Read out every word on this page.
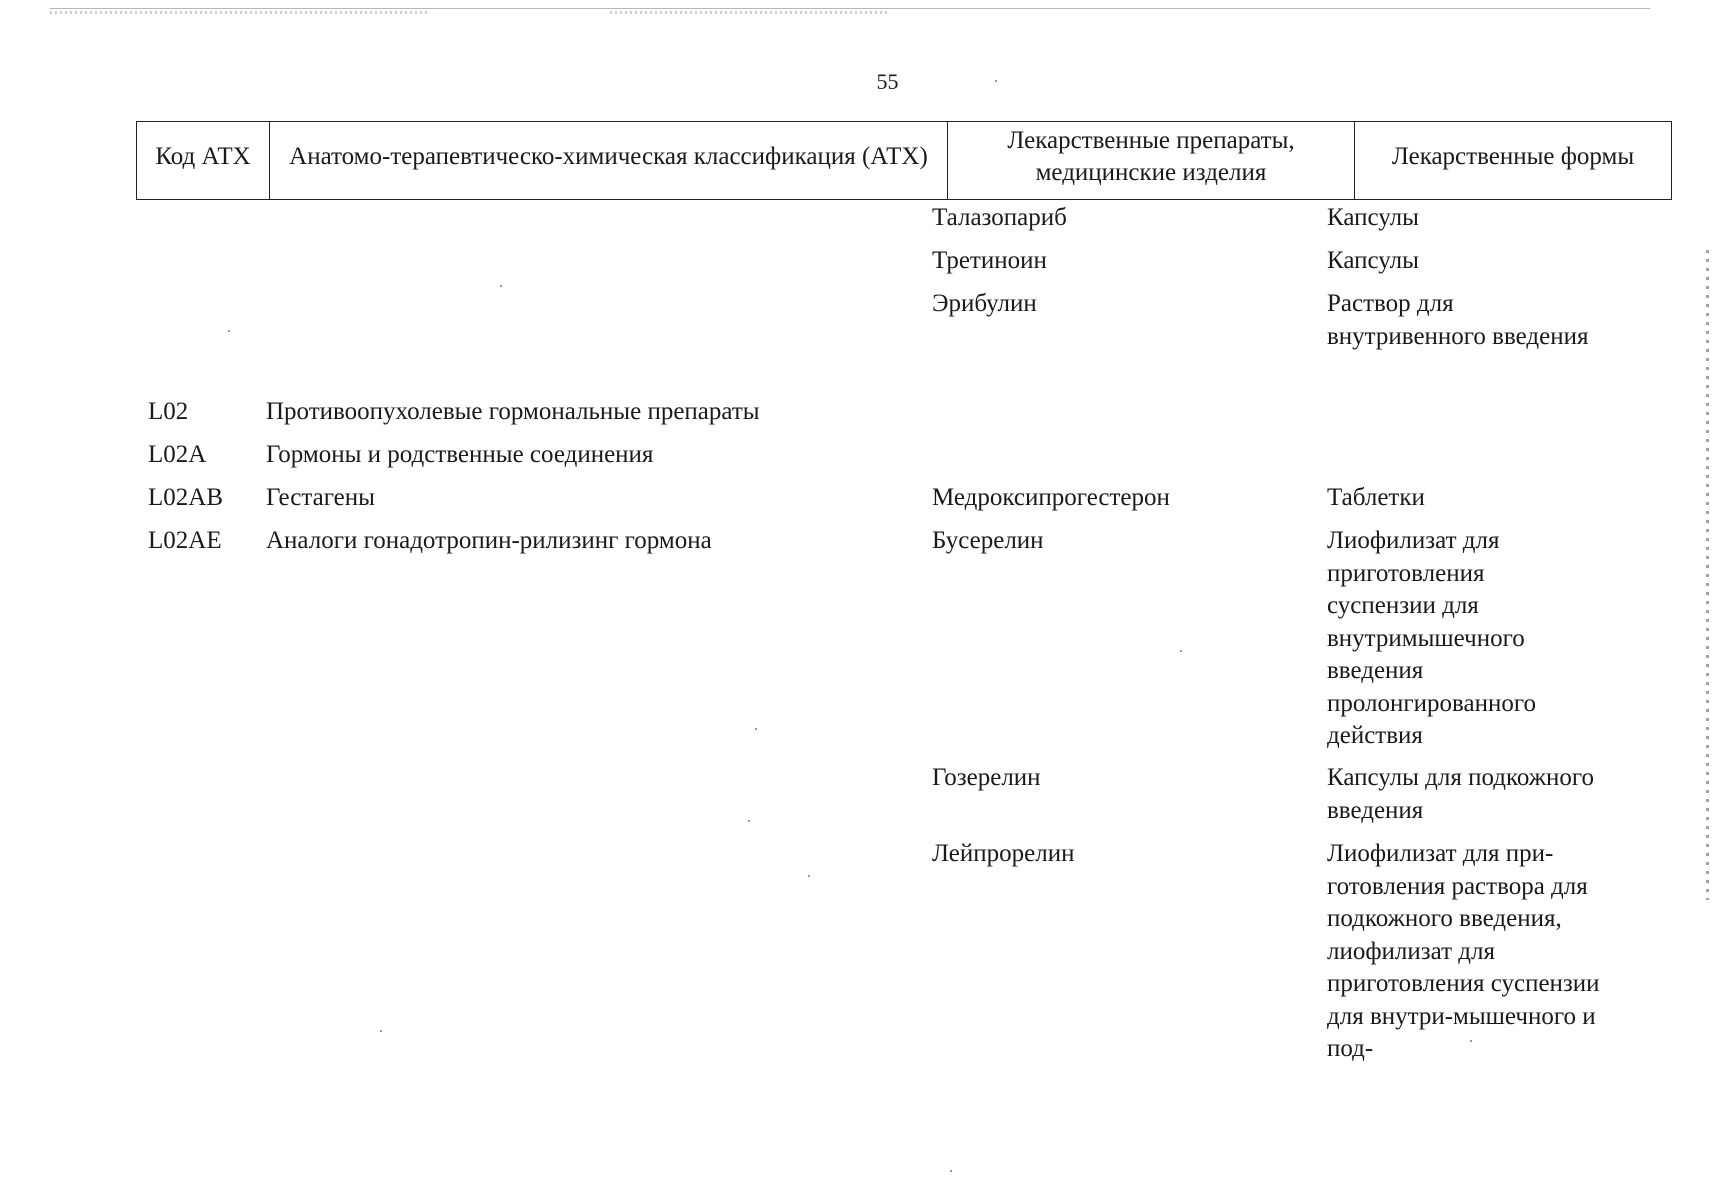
55
Код АТХ	Анатомо-терапевтическо-химическая классификация (АТХ)	Лекарственные препараты, медицинские изделия	Лекарственные формы
Талазопариб	Капсулы
Третиноин	Капсулы
Эрибулин	Раствор для внутривенного введения
L02	Противоопухолевые гормональные препараты
L02A Гормоны и родственные соединения
L02AB Гестагены	Медроксипрогестерон	Таблетки
L02AE Аналоги гонадотропин-рилизинг гормона	Бусерелин	Лиофилизат для приготовления суспензии для внутримышечного введения пролонгированного действия
Гозерелин	Капсулы для подкожного введения
Лейпрорелин	Лиофилизат для при-готовления раствора для подкожного введения, лиофилизат для приготовления суспензии для внутри-мышечного и под-
